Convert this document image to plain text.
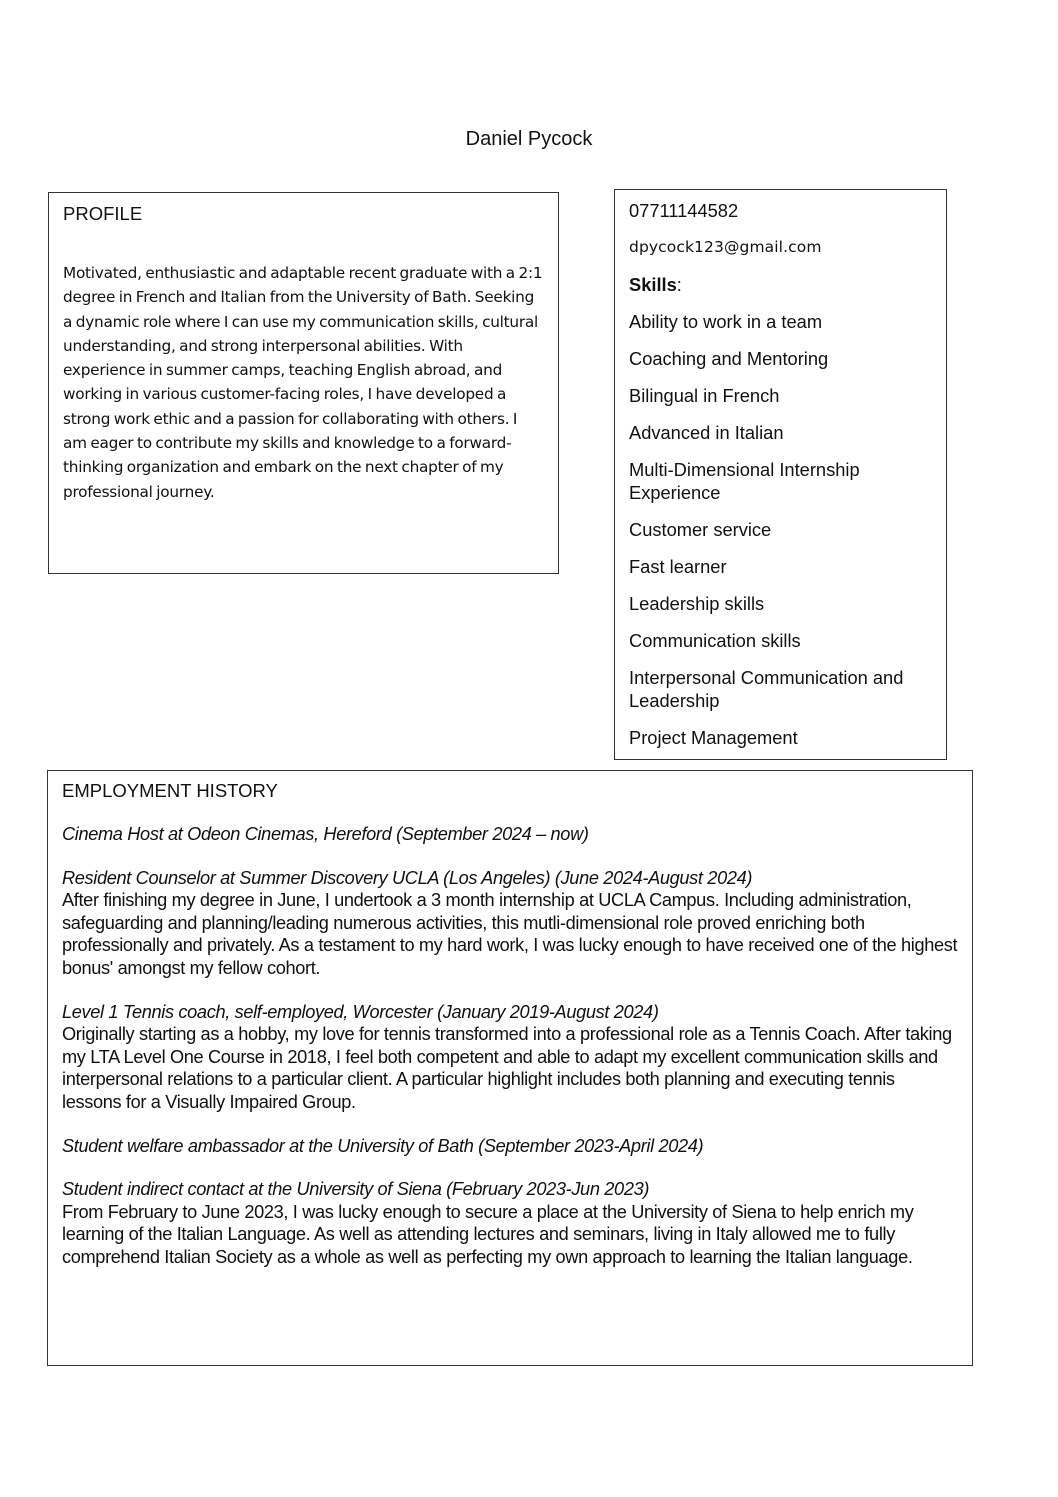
Daniel Pycock
PROFILE
Motivated, enthusiastic and adaptable recent graduate with a 2:1 degree in French and Italian from the University of Bath. Seeking a dynamic role where I can use my communication skills, cultural understanding, and strong interpersonal abilities. With experience in summer camps, teaching English abroad, and working in various customer-facing roles, I have developed a strong work ethic and a passion for collaborating with others. I am eager to contribute my skills and knowledge to a forward-thinking organization and embark on the next chapter of my professional journey.
07711144582
dpycock123@gmail.com
Skills:
Ability to work in a team
Coaching and Mentoring
Bilingual in French
Advanced in Italian
Multi-Dimensional Internship Experience
Customer service
Fast learner
Leadership skills
Communication skills
Interpersonal Communication and Leadership
Project Management
EMPLOYMENT HISTORY
Cinema Host at Odeon Cinemas, Hereford (September 2024 – now)
Resident Counselor at Summer Discovery UCLA (Los Angeles) (June 2024-August 2024)
After finishing my degree in June, I undertook a 3 month internship at UCLA Campus. Including administration, safeguarding and planning/leading numerous activities, this mutli-dimensional role proved enriching both professionally and privately. As a testament to my hard work, I was lucky enough to have received one of the highest bonus' amongst my fellow cohort.
Level 1 Tennis coach, self-employed, Worcester (January 2019-August 2024)
Originally starting as a hobby, my love for tennis transformed into a professional role as a Tennis Coach. After taking my LTA Level One Course in 2018, I feel both competent and able to adapt my excellent communication skills and interpersonal relations to a particular client. A particular highlight includes both planning and executing tennis lessons for a Visually Impaired Group.
Student welfare ambassador at the University of Bath (September 2023-April 2024)
Student indirect contact at the University of Siena (February 2023-Jun 2023)
From February to June 2023, I was lucky enough to secure a place at the University of Siena to help enrich my learning of the Italian Language. As well as attending lectures and seminars, living in Italy allowed me to fully comprehend Italian Society as a whole as well as perfecting my own approach to learning the Italian language.
